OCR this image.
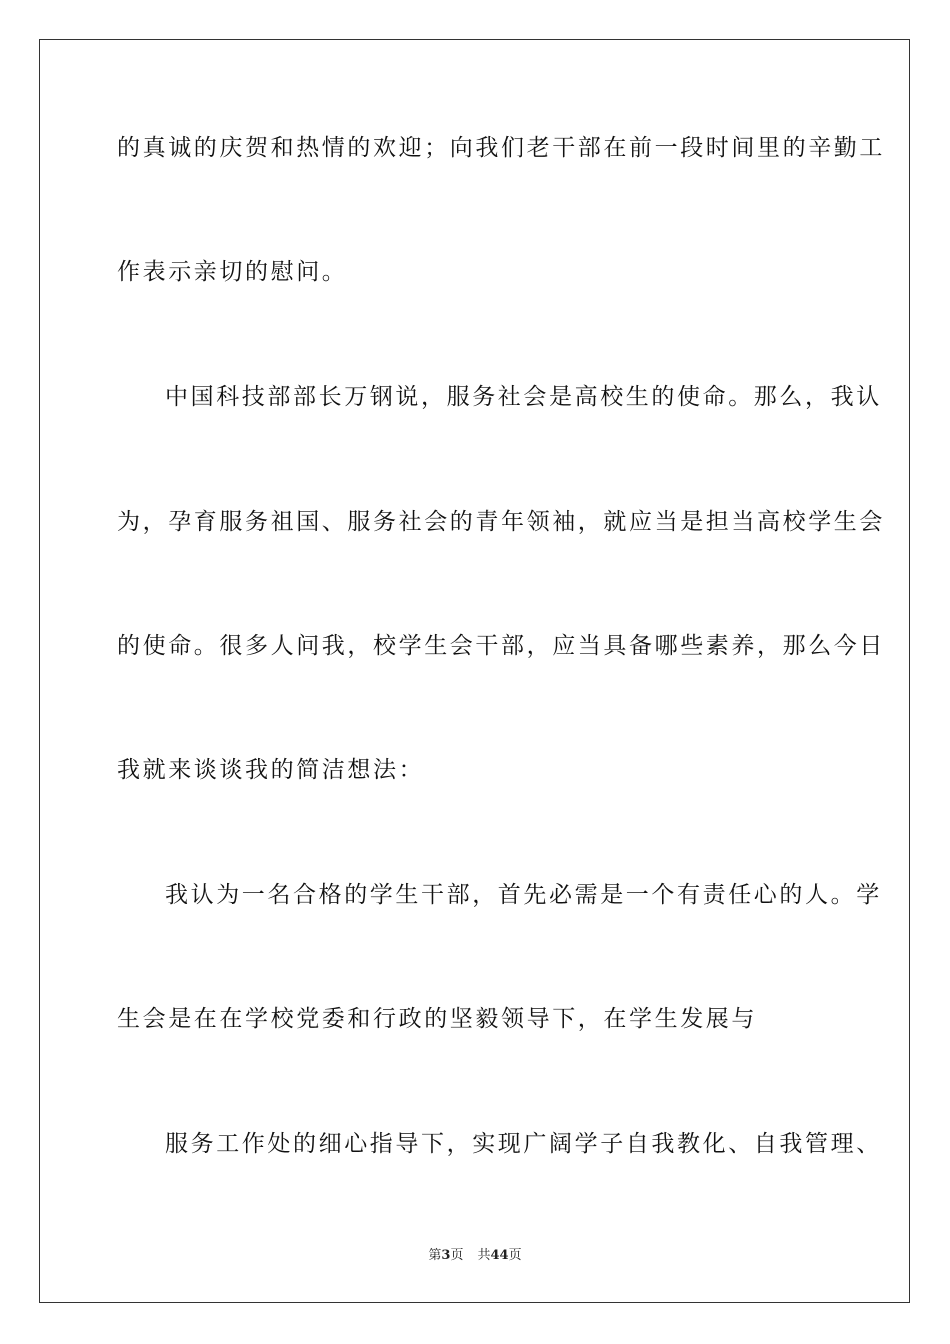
的真诚的庆贺和热情的欢迎；向我们老干部在前一段时间里的辛勤工
作表示亲切的慰问。
中国科技部部长万钢说，服务社会是高校生的使命。那么，我认
为，孕育服务祖国、服务社会的青年领袖，就应当是担当高校学生会
的使命。很多人问我，校学生会干部，应当具备哪些素养，那么今日
我就来谈谈我的简洁想法：
我认为一名合格的学生干部，首先必需是一个有责任心的人。学
生会是在在学校党委和行政的坚毅领导下，在学生发展与
服务工作处的细心指导下，实现广阔学子自我教化、自我管理、
第3页 共44页
